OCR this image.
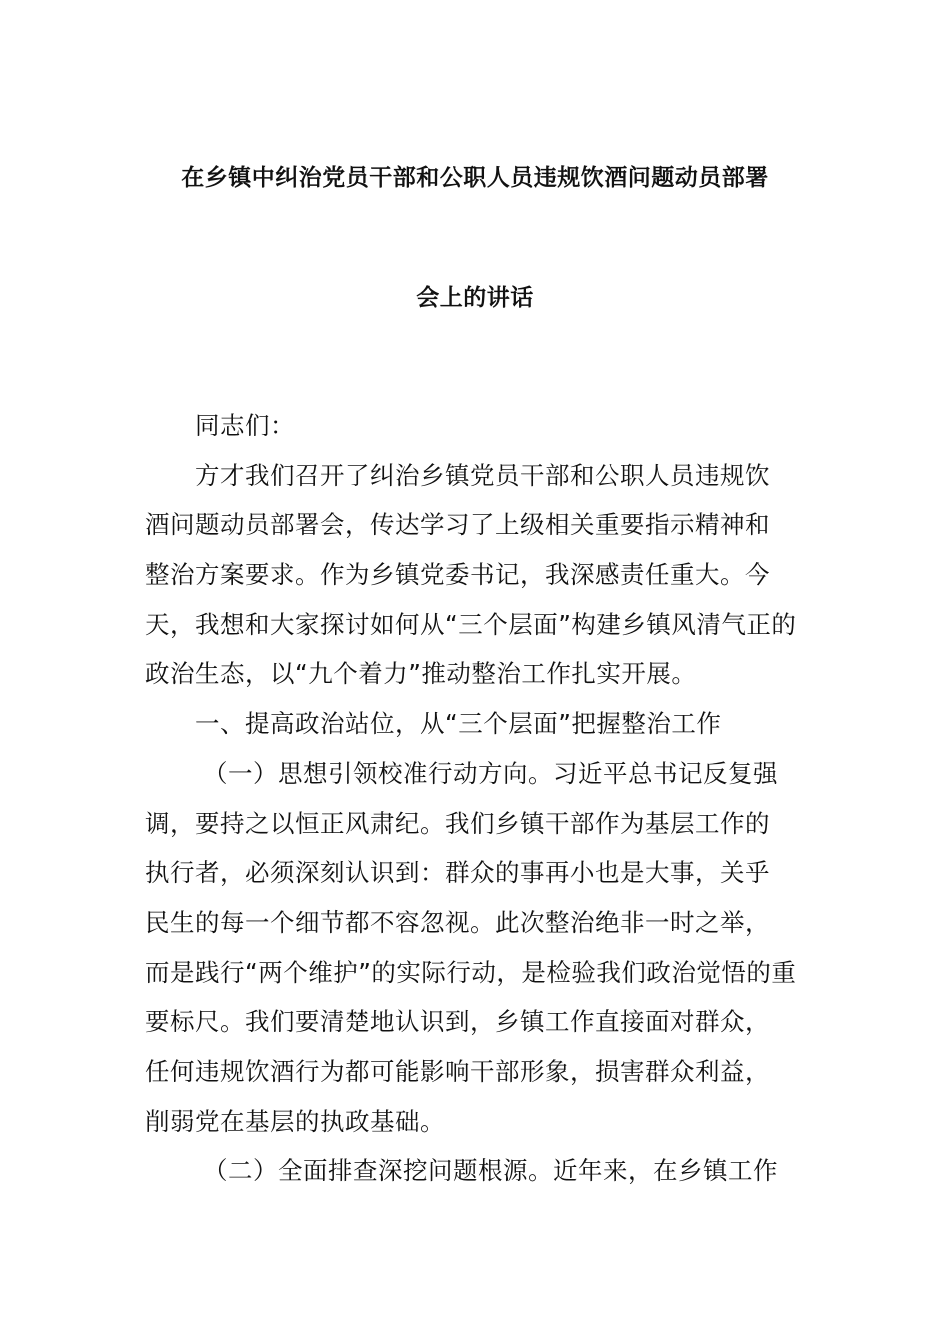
在乡镇中纠治党员干部和公职人员违规饮酒问题动员部署
会上的讲话
同志们：
方才我们召开了纠治乡镇党员干部和公职人员违规饮
酒问题动员部署会，传达学习了上级相关重要指示精神和
整治方案要求。作为乡镇党委书记，我深感责任重大。今
天，我想和大家探讨如何从“三个层面”构建乡镇风清气正的
政治生态，以“九个着力”推动整治工作扎实开展。
一、提高政治站位，从“三个层面”把握整治工作
（一）思想引领校准行动方向。习近平总书记反复强
调，要持之以恒正风肃纪。我们乡镇干部作为基层工作的
执行者，必须深刻认识到：群众的事再小也是大事，关乎
民生的每一个细节都不容忽视。此次整治绝非一时之举，
而是践行“两个维护”的实际行动，是检验我们政治觉悟的重
要标尺。我们要清楚地认识到，乡镇工作直接面对群众，
任何违规饮酒行为都可能影响干部形象，损害群众利益，
削弱党在基层的执政基础。
（二）全面排查深挖问题根源。近年来，在乡镇工作
